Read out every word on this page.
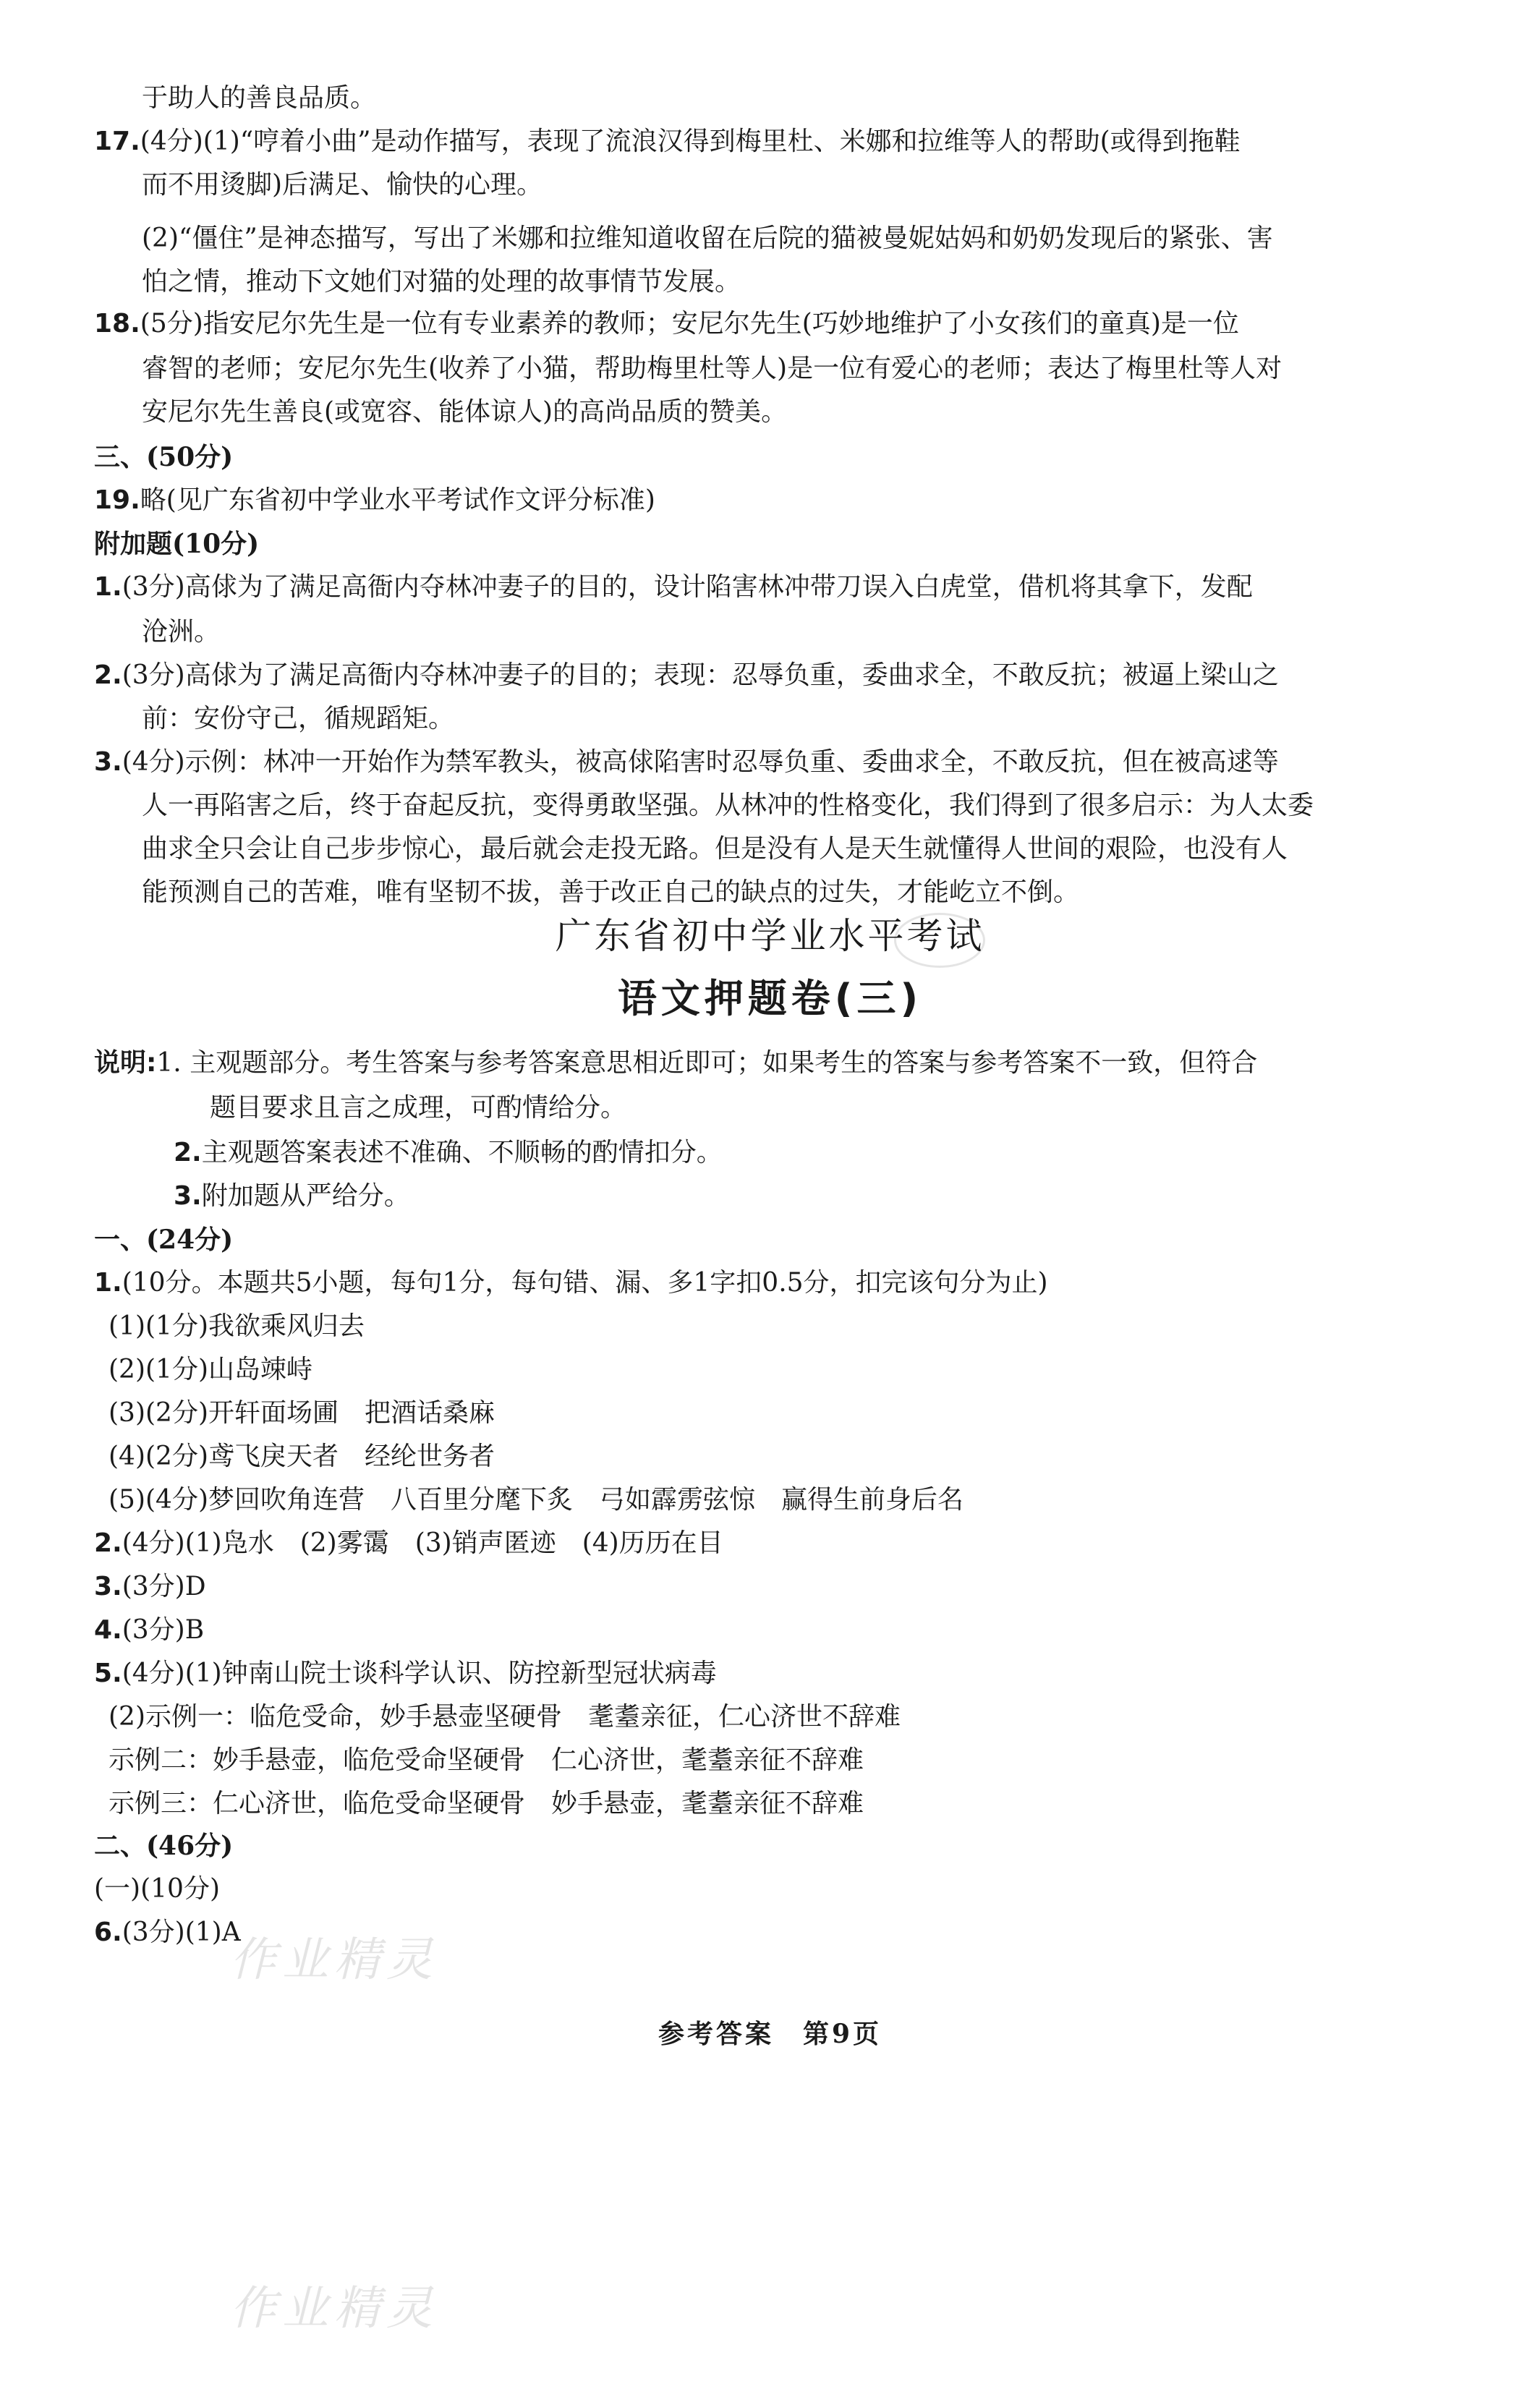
于助人的善良品质。
17.(4分)(1)“哼着小曲”是动作描写，表现了流浪汉得到梅里杜、米娜和拉维等人的帮助(或得到拖鞋
而不用烫脚)后满足、愉快的心理。
(2)“僵住”是神态描写，写出了米娜和拉维知道收留在后院的猫被曼妮姑妈和奶奶发现后的紧张、害
怕之情，推动下文她们对猫的处理的故事情节发展。
18.(5分)指安尼尔先生是一位有专业素养的教师；安尼尔先生(巧妙地维护了小女孩们的童真)是一位
睿智的老师；安尼尔先生(收养了小猫，帮助梅里杜等人)是一位有爱心的老师；表达了梅里杜等人对
安尼尔先生善良(或宽容、能体谅人)的高尚品质的赞美。
三、(50分)
19.略(见广东省初中学业水平考试作文评分标准)
附加题(10分)
1.(3分)高俅为了满足高衙内夺林冲妻子的目的，设计陷害林冲带刀误入白虎堂，借机将其拿下，发配
沧洲。
2.(3分)高俅为了满足高衙内夺林冲妻子的目的；表现：忍辱负重，委曲求全，不敢反抗；被逼上梁山之
前：安份守己，循规蹈矩。
3.(4分)示例：林冲一开始作为禁军教头，被高俅陷害时忍辱负重、委曲求全，不敢反抗，但在被高逑等
人一再陷害之后，终于奋起反抗，变得勇敢坚强。从林冲的性格变化，我们得到了很多启示：为人太委
曲求全只会让自己步步惊心，最后就会走投无路。但是没有人是天生就懂得人世间的艰险，也没有人
能预测自己的苦难，唯有坚韧不拔，善于改正自己的缺点的过失，才能屹立不倒。
说明:1. 主观题部分。考生答案与参考答案意思相近即可；如果考生的答案与参考答案不一致，但符合
题目要求且言之成理，可酌情给分。
2.主观题答案表述不准确、不顺畅的酌情扣分。
3.附加题从严给分。
一、(24分)
1.(10分。本题共5小题，每句1分，每句错、漏、多1字扣0.5分，扣完该句分为止)
(1)(1分)我欲乘风归去
(2)(1分)山岛竦峙
(3)(2分)开轩面场圃　把酒话桑麻
(4)(2分)鸢飞戾天者　经纶世务者
(5)(4分)梦回吹角连营　八百里分麾下炙　弓如霹雳弦惊　赢得生前身后名
2.(4分)(1)凫水　(2)雾霭　(3)销声匿迹　(4)历历在目
3.(3分)D
4.(3分)B
5.(4分)(1)钟南山院士谈科学认识、防控新型冠状病毒
(2)示例一：临危受命，妙手悬壶坚硬骨　耄耋亲征，仁心济世不辞难
示例二：妙手悬壶，临危受命坚硬骨　仁心济世，耄耋亲征不辞难
示例三：仁心济世，临危受命坚硬骨　妙手悬壶，耄耋亲征不辞难
二、(46分)
(一)(10分)
6.(3分)(1)A
广东省初中学业水平考试
语文押题卷(三)
作业精灵
作业精灵
参考答案　第9页
